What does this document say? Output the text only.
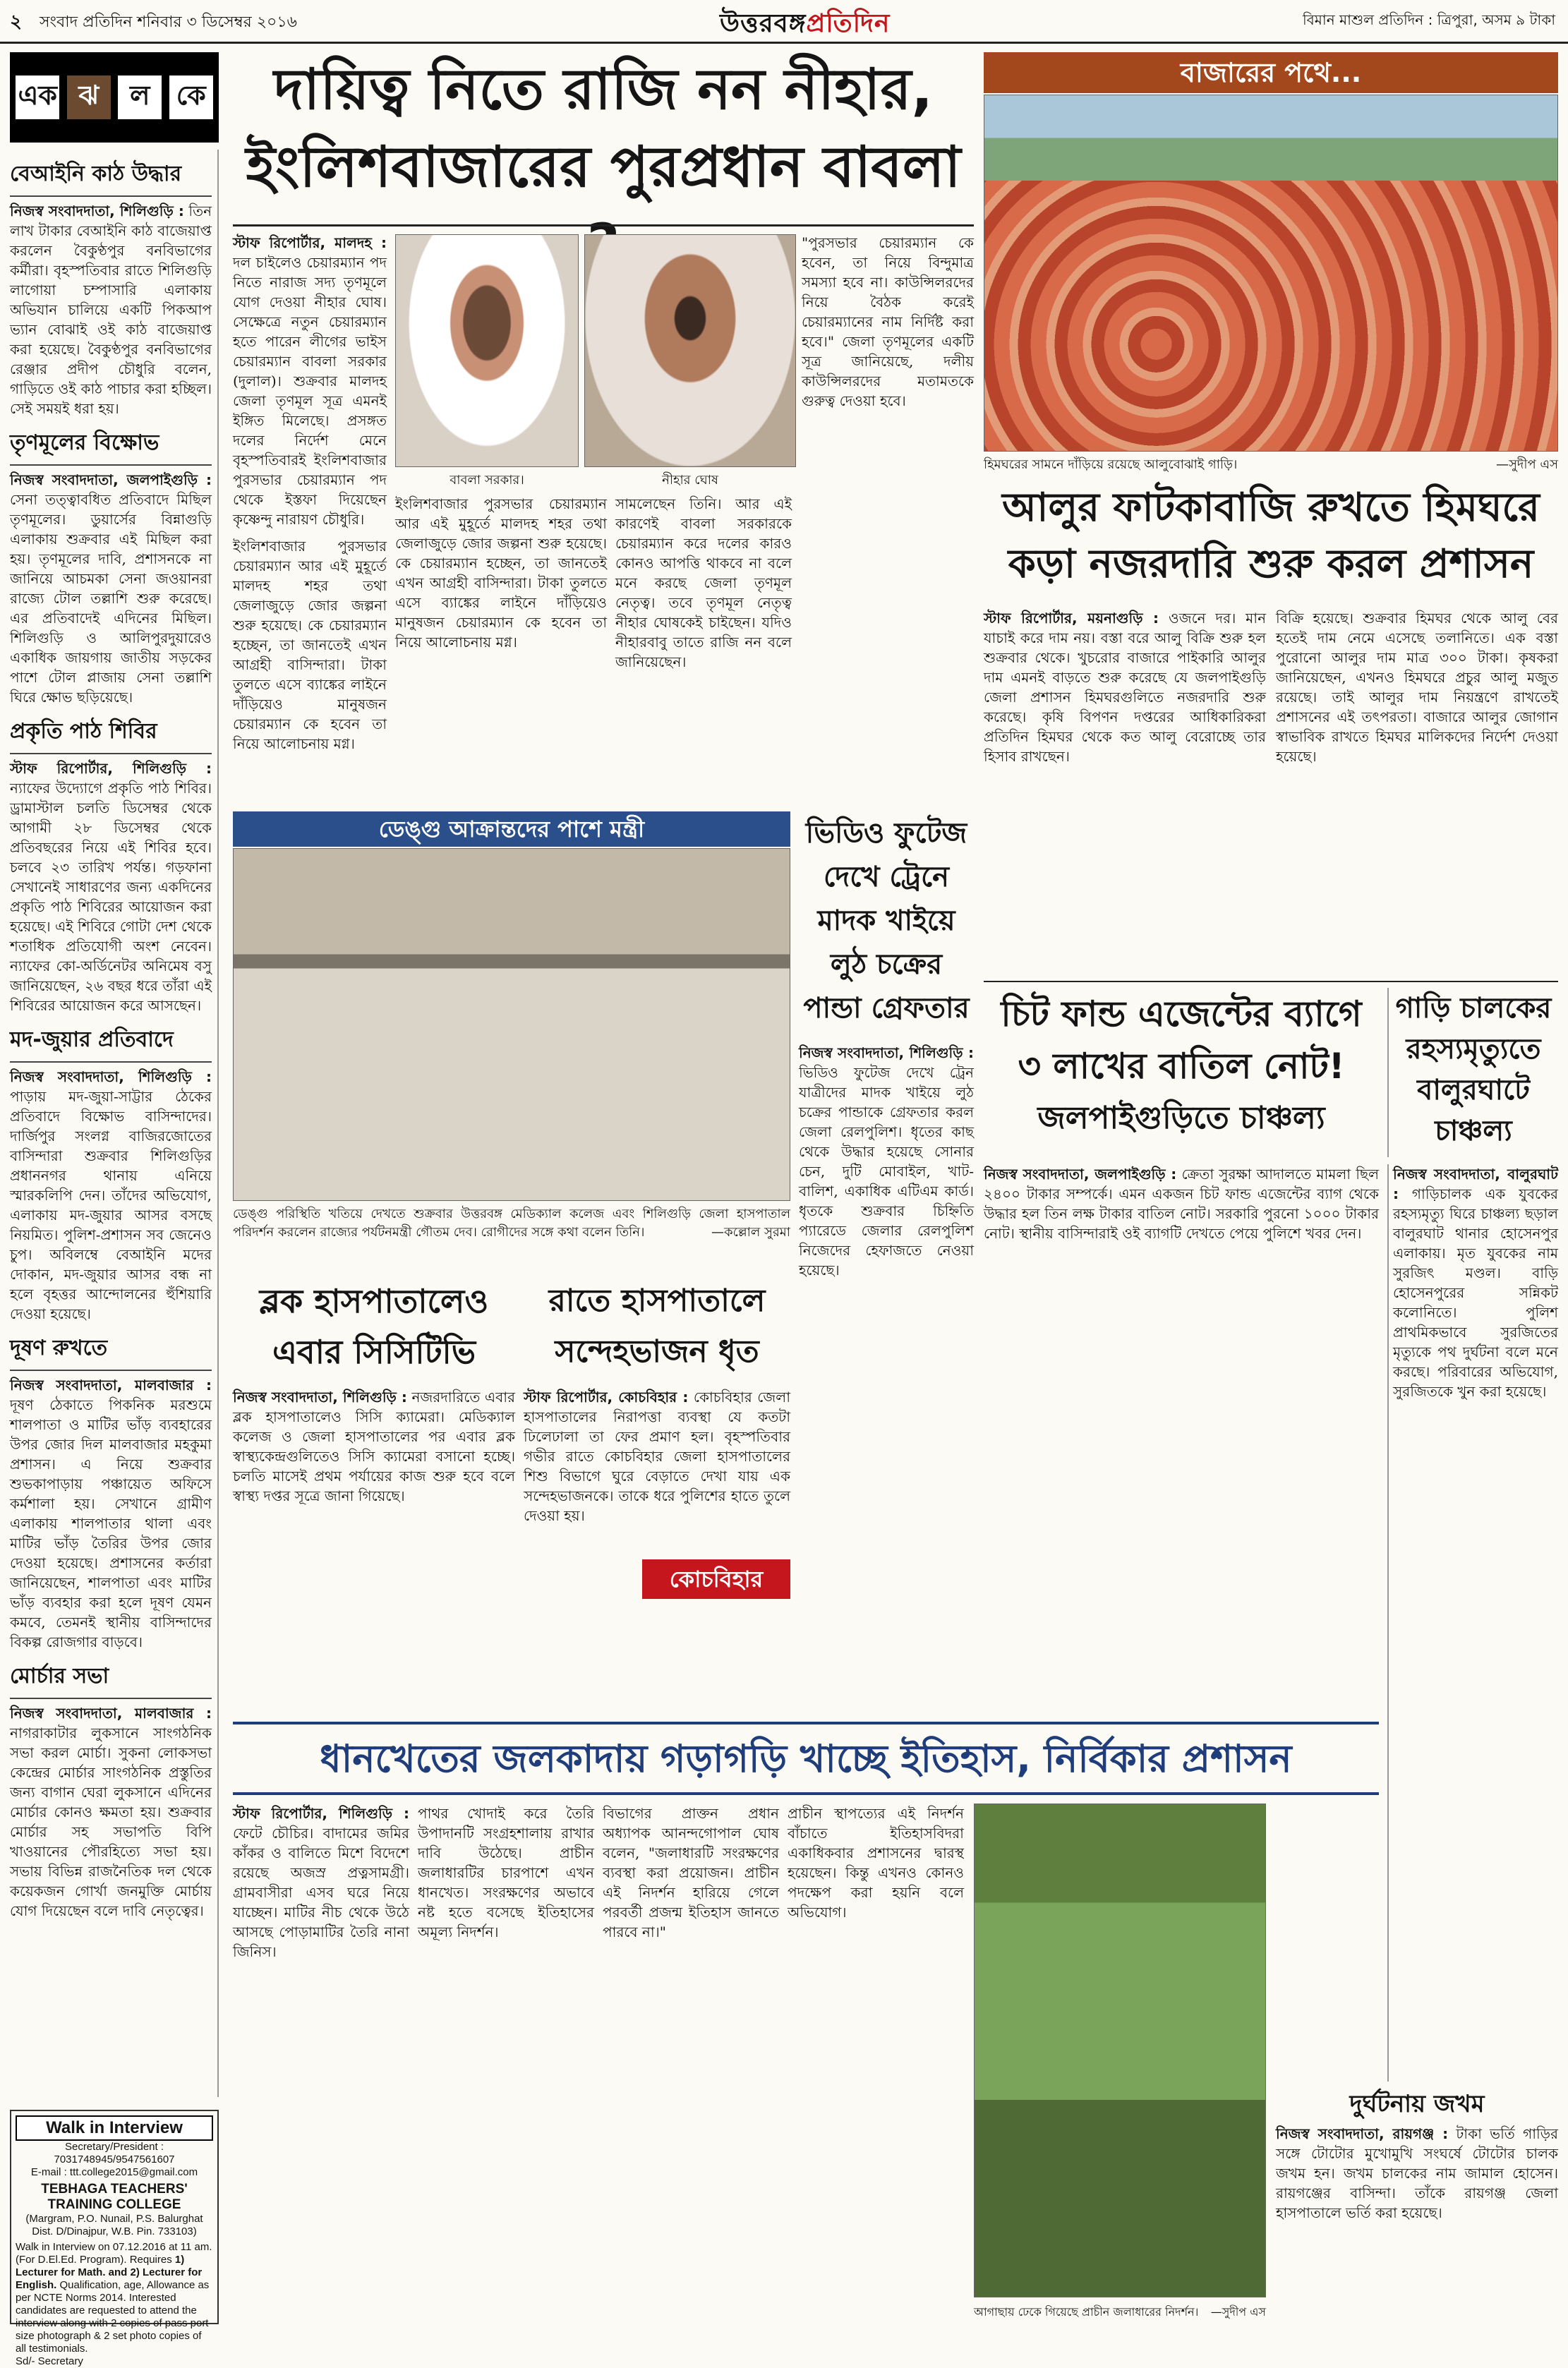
২ সংবাদ প্রতিদিন শনিবার ৩ ডিসেম্বর ২০১৬	উত্তরবঙ্গপ্রতিদিন	বিমান মাশুল প্রতিদিন : ত্রিপুরা, অসম ৯ টাকা
এক ঝ	ল কে
বেআইনি কাঠ উদ্ধার
নিজস্ব সংবাদদাতা, শিলিগুড়ি : তিন লাখ টাকার বেআইনি কাঠ বাজেয়াপ্ত করলেন বৈকুণ্ঠপুর বনবিভাগের কর্মীরা। বৃহস্পতিবার রাতে শিলিগুড়ি লাগোয়া চম্পাসারি এলাকায় অভিযান চালিয়ে একটি পিকআপ ভ্যান বোঝাই ওই কাঠ বাজেয়াপ্ত করা হয়েছে। বৈকুণ্ঠপুর বনবিভাগের রেঞ্জার প্রদীপ চৌধুরি বলেন, গাড়িতে ওই কাঠ পাচার করা হচ্ছিল। সেই সময়ই ধরা হয়।
তৃণমূলের বিক্ষোভ
নিজস্ব সংবাদদাতা, জলপাইগুড়ি : সেনা তত্ত্বাবধিত প্রতিবাদে মিছিল তৃণমূলের। ডুয়ার্সের বিন্নাগুড়ি এলাকায় শুক্রবার এই মিছিল করা হয়। তৃণমূলের দাবি, প্রশাসনকে না জানিয়ে আচমকা সেনা জওয়ানরা রাজ্যে টোল তল্লাশি শুরু করেছে। এর প্রতিবাদেই এদিনের মিছিল। শিলিগুড়ি ও আলিপুরদুয়ারেও একাধিক জায়গায় জাতীয় সড়কের পাশে টোল প্লাজায় সেনা তল্লাশি ঘিরে ক্ষোভ ছড়িয়েছে।
প্রকৃতি পাঠ শিবির
স্টাফ রিপোর্টার, শিলিগুড়ি : ন্যাফের উদ্যোগে প্রকৃতি পাঠ শিবির। ড্রামাস্টাল চলতি ডিসেম্বর থেকে আগামী ২৮ ডিসেম্বর থেকে প্রতিবছরের নিয়ে এই শিবির হবে। চলবে ২৩ তারিখ পর্যন্ত। গড়ফানা সেখানেই সাধারণের জন্য একদিনের প্রকৃতি পাঠ শিবিরের আয়োজন করা হয়েছে। এই শিবিরে গোটা দেশ থেকে শতাধিক প্রতিযোগী অংশ নেবেন। ন্যাফের কো-অর্ডিনেটর অনিমেষ বসু জানিয়েছেন, ২৬ বছর ধরে তাঁরা এই শিবিরের আয়োজন করে আসছেন।
মদ-জুয়ার প্রতিবাদে
নিজস্ব সংবাদদাতা, শিলিগুড়ি : পাড়ায় মদ-জুয়া-সাট্টার ঠেকের প্রতিবাদে বিক্ষোভ বাসিন্দাদের। দার্জিপুর সংলগ্ন বাজিরজোতের বাসিন্দারা শুক্রবার শিলিগুড়ির প্রধাননগর থানায় এনিয়ে স্মারকলিপি দেন। তাঁদের অভিযোগ, এলাকায় মদ-জুয়ার আসর বসছে নিয়মিত। পুলিশ-প্রশাসন সব জেনেও চুপ। অবিলম্বে বেআইনি মদের দোকান, মদ-জুয়ার আসর বন্ধ না হলে বৃহত্তর আন্দোলনের হুঁশিয়ারি দেওয়া হয়েছে।
দূষণ রুখতে
নিজস্ব সংবাদদাতা, মালবাজার : দূষণ ঠেকাতে পিকনিক মরশুমে শালপাতা ও মাটির ভাঁড় ব্যবহারের উপর জোর দিল মালবাজার মহকুমা প্রশাসন। এ নিয়ে শুক্রবার শুভকাপাড়ায় পঞ্চায়েত অফিসে কর্মশালা হয়। সেখানে গ্রামীণ এলাকায় শালপাতার থালা এবং মাটির ভাঁড় তৈরির উপর জোর দেওয়া হয়েছে। প্রশাসনের কর্তারা জানিয়েছেন, শালপাতা এবং মাটির ভাঁড় ব্যবহার করা হলে দূষণ যেমন কমবে, তেমনই স্থানীয় বাসিন্দাদের বিকল্প রোজগার বাড়বে।
মোর্চার সভা
নিজস্ব সংবাদদাতা, মালবাজার : নাগরাকাটার লুকসানে সাংগঠনিক সভা করল মোর্চা। সুকনা লোকসভা কেন্দ্রের মোর্চার সাংগঠনিক প্রস্তুতির জন্য বাগান ঘেরা লুকসানে এদিনের মোর্চার কোনও ক্ষমতা হয়। শুক্রবার মোর্চার সহ সভাপতি বিপি খাওয়ানের পৌরহিত্যে সভা হয়। সভায় বিভিন্ন রাজনৈতিক দল থেকে কয়েকজন গোর্খা জনমুক্তি মোর্চায় যোগ দিয়েছেন বলে দাবি নেতৃত্বের।
Walk in Interview
Secretary/President : 7031748945/9547561607
E-mail : ttt.college2015@gmail.com
TEBHAGA TEACHERS' TRAINING COLLEGE
(Margram, P.O. Nunail, P.S. Balurghat Dist. D/Dinajpur, W.B. Pin. 733103)
Walk in Interview on 07.12.2016 at 11 am. (For D.El.Ed. Program). Requires 1) Lecturer for Math. and 2) Lecturer for English. Qualification, age, Allowance as per NCTE Norms 2014. Interested candidates are requested to attend the interview along with 2 copies of pass port size photograph & 2 set photo copies of all testimonials.
Sd/- Secretary
দায়িত্ব নিতে রাজি নন নীহার,
ইংলিশবাজারের পুরপ্রধান বাবলা
বাবলা সরকার।	নীহার ঘোষ
স্টাফ রিপোর্টার, মালদহ : দল চাইলেও চেয়ারম্যান পদ নিতে নারাজ সদ্য তৃণমূলে যোগ দেওয়া নীহার ঘোষ। সেক্ষেত্রে নতুন চেয়ারম্যান হতে পারেন লীগের ভাইস চেয়ারম্যান বাবলা সরকার (দুলাল)। শুক্রবার মালদহ জেলা তৃণমূল সূত্র এমনই ইঙ্গিত মিলেছে। প্রসঙ্গত দলের নির্দেশ মেনে বৃহস্পতিবারই ইংলিশবাজার পুরসভার চেয়ারম্যান পদ থেকে ইস্তফা দিয়েছেন কৃষ্ণেন্দু নারায়ণ চৌধুরি।
ইংলিশবাজার পুরসভার চেয়ারম্যান আর এই মুহূর্তে মালদহ শহর তথা জেলাজুড়ে জোর জল্পনা শুরু হয়েছে। কে চেয়ারম্যান হচ্ছেন, তা জানতেই এখন আগ্রহী বাসিন্দারা। টাকা তুলতে এসে ব্যাঙ্কের লাইনে দাঁড়িয়েও মানুষজন চেয়ারম্যান কে হবেন তা নিয়ে আলোচনায় মগ্ন।
ইংলিশবাজার পুরসভার চেয়ারম্যান আর এই মুহূর্তে মালদহ শহর তথা জেলাজুড়ে জোর জল্পনা শুরু হয়েছে। কে চেয়ারম্যান হচ্ছেন, তা জানতেই এখন আগ্রহী বাসিন্দারা। টাকা তুলতে এসে ব্যাঙ্কের লাইনে দাঁড়িয়েও মানুষজন চেয়ারম্যান কে হবেন তা নিয়ে আলোচনায় মগ্ন।
সামলেছেন তিনি। আর এই কারণেই বাবলা সরকারকে চেয়ারম্যান করে দলের কারও কোনও আপত্তি থাকবে না বলে মনে করছে জেলা তৃণমূল নেতৃত্ব। তবে তৃণমূল নেতৃত্ব নীহার ঘোষকেই চাইছেন। যদিও নীহারবাবু তাতে রাজি নন বলে জানিয়েছেন।
"পুরসভার চেয়ারম্যান কে হবেন, তা নিয়ে বিন্দুমাত্র সমস্যা হবে না। কাউন্সিলরদের নিয়ে বৈঠক করেই চেয়ারম্যানের নাম নির্দিষ্ট করা হবে।" জেলা তৃণমূলের একটি সূত্র জানিয়েছে, দলীয় কাউন্সিলরদের মতামতকে গুরুত্ব দেওয়া হবে।
বাজারের পথে...
হিমঘরের সামনে দাঁড়িয়ে রয়েছে আলুবোঝাই গাড়ি।	—সুদীপ এস
আলুর ফাটকাবাজি রুখতে হিমঘরে
কড়া নজরদারি শুরু করল প্রশাসন
স্টাফ রিপোর্টার, ময়নাগুড়ি : ওজনে দর। মান যাচাই করে দাম নয়। বস্তা বরে আলু বিক্রি শুরু হল শুক্রবার থেকে। খুচরোর বাজারে পাইকারি আলুর দাম এমনই বাড়তে শুরু করেছে যে জলপাইগুড়ি জেলা প্রশাসন হিমঘরগুলিতে নজরদারি শুরু করেছে। কৃষি বিপণন দপ্তরের আধিকারিকরা প্রতিদিন হিমঘর থেকে কত আলু বেরোচ্ছে তার হিসাব রাখছেন।
বিক্রি হয়েছে। শুক্রবার হিমঘর থেকে আলু বের হতেই দাম নেমে এসেছে তলানিতে। এক বস্তা পুরোনো আলুর দাম মাত্র ৩০০ টাকা। কৃষকরা জানিয়েছেন, এখনও হিমঘরে প্রচুর আলু মজুত রয়েছে। তাই আলুর দাম নিয়ন্ত্রণে রাখতেই প্রশাসনের এই তৎপরতা। বাজারে আলুর জোগান স্বাভাবিক রাখতে হিমঘর মালিকদের নির্দেশ দেওয়া হয়েছে।
ডেঙ্গু আক্রান্তদের পাশে মন্ত্রী
ডেঙ্গু পরিস্থিতি খতিয়ে দেখতে শুক্রবার উত্তরবঙ্গ মেডিক্যাল কলেজ এবং শিলিগুড়ি জেলা হাসপাতাল পরিদর্শন করলেন রাজ্যের পর্যটনমন্ত্রী গৌতম দেব। রোগীদের সঙ্গে কথা বলেন তিনি।	—কল্লোল সুরমা
ভিডিও ফুটেজ দেখে ট্রেনে মাদক খাইয়ে লুঠ চক্রের পান্ডা গ্রেফতার
নিজস্ব সংবাদদাতা, শিলিগুড়ি : ভিডিও ফুটেজ দেখে ট্রেন যাত্রীদের মাদক খাইয়ে লুঠ চক্রের পান্ডাকে গ্রেফতার করল জেলা রেলপুলিশ। ধৃতের কাছ থেকে উদ্ধার হয়েছে সোনার চেন, দুটি মোবাইল, খাট-বালিশ, একাধিক এটিএম কার্ড। ধৃতকে শুক্রবার চিহ্নিতি প্যারেডে জেলার রেলপুলিশ নিজেদের হেফাজতে নেওয়া হয়েছে।
চিট ফান্ড এজেন্টের ব্যাগে
৩ লাখের বাতিল নোট!
জলপাইগুড়িতে চাঞ্চল্য
নিজস্ব সংবাদদাতা, জলপাইগুড়ি : ক্রেতা সুরক্ষা আদালতে মামলা ছিল ২৪০০ টাকার সম্পর্কে। এমন একজন চিট ফান্ড এজেন্টের ব্যাগ থেকে উদ্ধার হল তিন লক্ষ টাকার বাতিল নোট। সরকারি পুরনো ১০০০ টাকার নোট। স্থানীয় বাসিন্দারাই ওই ব্যাগটি দেখতে পেয়ে পুলিশে খবর দেন।
গাড়ি চালকের
রহস্যমৃত্যুতে
বালুরঘাটে
চাঞ্চল্য
নিজস্ব সংবাদদাতা, বালুরঘাট : গাড়িচালক এক যুবকের রহস্যমৃত্যু ঘিরে চাঞ্চল্য ছড়াল বালুরঘাট থানার হোসেনপুর এলাকায়। মৃত যুবকের নাম সুরজিৎ মণ্ডল। বাড়ি হোসেনপুরের সন্নিকট কলোনিতে। পুলিশ প্রাথমিকভাবে সুরজিতের মৃত্যুকে পথ দুর্ঘটনা বলে মনে করছে। পরিবারের অভিযোগ, সুরজিতকে খুন করা হয়েছে।
ব্লক হাসপাতালেও
এবার সিসিটিভি
নিজস্ব সংবাদদাতা, শিলিগুড়ি : নজরদারিতে এবার ব্লক হাসপাতালেও সিসি ক্যামেরা। মেডিক্যাল কলেজ ও জেলা হাসপাতালের পর এবার ব্লক স্বাস্থ্যকেন্দ্রগুলিতেও সিসি ক্যামেরা বসানো হচ্ছে। চলতি মাসেই প্রথম পর্যায়ের কাজ শুরু হবে বলে স্বাস্থ্য দপ্তর সূত্রে জানা গিয়েছে।
রাতে হাসপাতালে
সন্দেহভাজন ধৃত
স্টাফ রিপোর্টার, কোচবিহার : কোচবিহার জেলা হাসপাতালের নিরাপত্তা ব্যবস্থা যে কতটা ঢিলেঢালা তা ফের প্রমাণ হল। বৃহস্পতিবার গভীর রাতে কোচবিহার জেলা হাসপাতালের শিশু বিভাগে ঘুরে বেড়াতে দেখা যায় এক সন্দেহভাজনকে। তাকে ধরে পুলিশের হাতে তুলে দেওয়া হয়।
কোচবিহার
দুর্ঘটনায় জখম
নিজস্ব সংবাদদাতা, রায়গঞ্জ : টাকা ভর্তি গাড়ির সঙ্গে টোটোর মুখোমুখি সংঘর্ষে টোটোর চালক জখম হন। জখম চালকের নাম জামাল হোসেন। রায়গঞ্জের বাসিন্দা। তাঁকে রায়গঞ্জ জেলা হাসপাতালে ভর্তি করা হয়েছে।
ধানখেতের জলকাদায় গড়াগড়ি খাচ্ছে ইতিহাস, নির্বিকার প্রশাসন
স্টাফ রিপোর্টার, শিলিগুড়ি : ফেটে চৌচির। বাদামের জমির কাঁকর ও বালিতে মিশে বিদেশে রয়েছে অজস্র প্রত্নসামগ্রী। গ্রামবাসীরা এসব ঘরে নিয়ে যাচ্ছেন। মাটির নীচ থেকে উঠে আসছে পোড়ামাটির তৈরি নানা জিনিস।
পাথর খোদাই করে তৈরি উপাদানটি সংগ্রহশালায় রাখার দাবি উঠেছে। প্রাচীন জলাধারটির চারপাশে এখন ধানখেত। সংরক্ষণের অভাবে নষ্ট হতে বসেছে ইতিহাসের অমূল্য নিদর্শন।
বিভাগের প্রাক্তন প্রধান অধ্যাপক আনন্দগোপাল ঘোষ বলেন, "জলাধারটি সংরক্ষণের ব্যবস্থা করা প্রয়োজন। প্রাচীন এই নিদর্শন হারিয়ে গেলে পরবর্তী প্রজন্ম ইতিহাস জানতে পারবে না।"
প্রাচীন স্থাপত্যের এই নিদর্শন বাঁচাতে ইতিহাসবিদরা একাধিকবার প্রশাসনের দ্বারস্থ হয়েছেন। কিন্তু এখনও কোনও পদক্ষেপ করা হয়নি বলে অভিযোগ।
আগাছায় ঢেকে গিয়েছে প্রাচীন জলাধারের নিদর্শন। —সুদীপ এস
